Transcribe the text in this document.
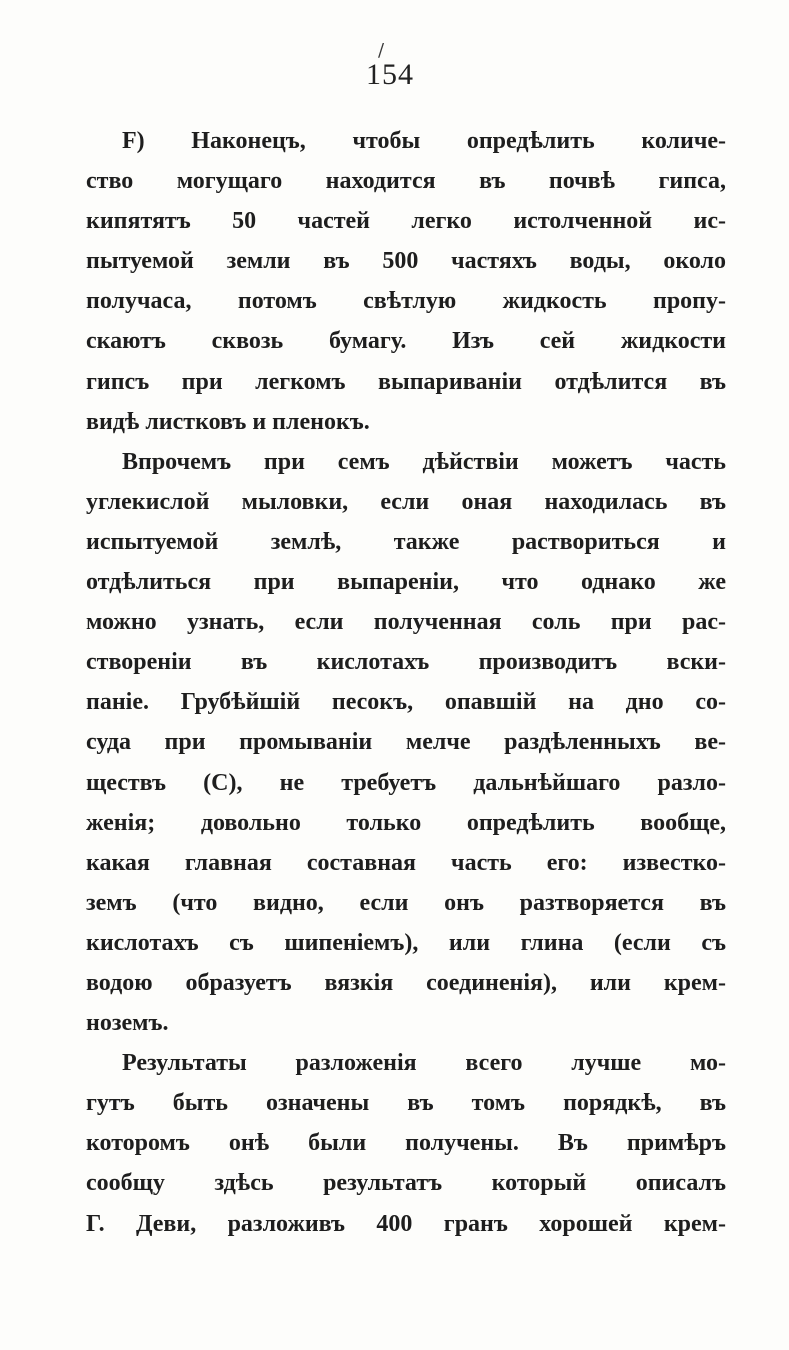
/
154
F) Наконецъ, чтобы опредѣлить количе-
ство могущаго находится въ почвѣ гипса,
кипятятъ 50 частей легко истолченной ис-
пытуемой земли въ 500 частяхъ воды, около
получаса, потомъ свѣтлую жидкость пропу-
скаютъ сквозь бумагу. Изъ сей жидкости
гипсъ при легкомъ выпариваніи отдѣлится въ
видѣ листковъ и пленокъ.
Впрочемъ при семъ дѣйствіи можетъ часть
углекислой мыловки, если оная находилась въ
испытуемой землѣ, также раствориться и
отдѣлиться при выпареніи, что однако же
можно узнать, если полученная соль при рас-
створеніи въ кислотахъ производитъ вски-
паніе. Грубѣйшій песокъ, опавшій на дно со-
суда при промываніи мелче раздѣленныхъ ве-
ществъ (C), не требуетъ дальнѣйшаго разло-
женія; довольно только опредѣлить вообще,
какая главная составная часть его: известко-
земъ (что видно, если онъ разтворяется въ
кислотахъ съ шипеніемъ), или глина (если съ
водою образуетъ вязкія соединенія), или крем-
ноземъ.
Результаты разложенія всего лучше мо-
гутъ быть означены въ томъ порядкѣ, въ
которомъ онѣ были получены. Въ примѣръ
сообщу здѣсь результатъ который описалъ
Г. Деви, разложивъ 400 гранъ хорошей крем-
